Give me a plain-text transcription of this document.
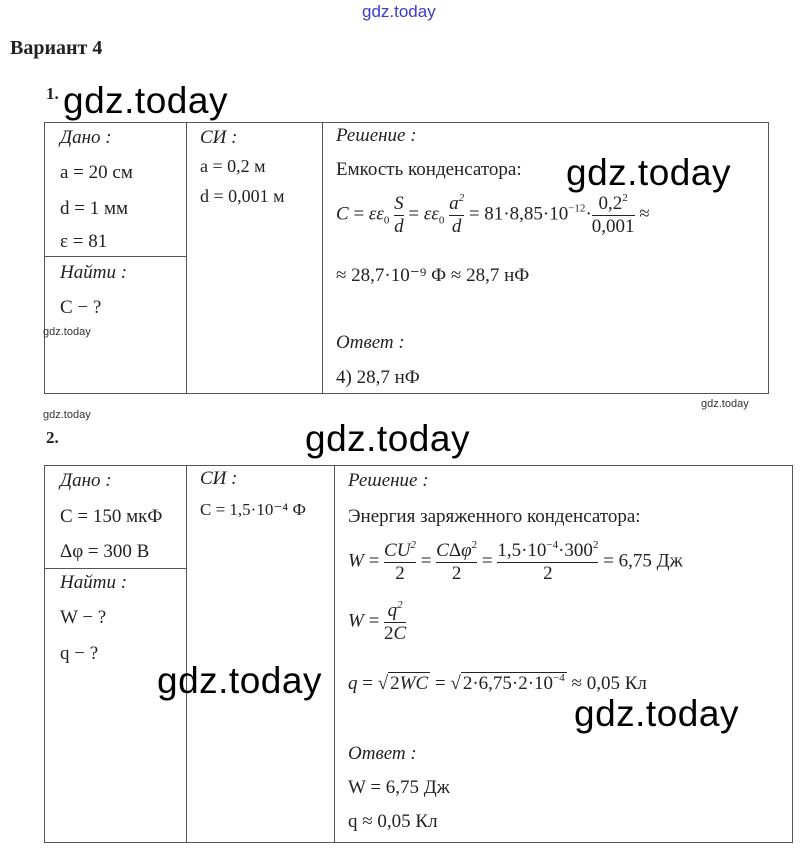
gdz.today
Вариант 4
1. gdz.today
Дано :
a = 20 см
d = 1 мм
ε = 81
Найти :
C − ?
gdz.today
СИ :
a = 0,2 м
d = 0,001 м
Решение :
Емкость конденсатора: gdz.today
$C = \varepsilon\varepsilon_0 \frac{S}{d} = \varepsilon\varepsilon_0 \frac{a^2}{d} = 81\cdot 8,85\cdot 10^{-12}\cdot \frac{0,2^2}{0,001}$ ≈
≈ 28,7·10⁻⁹ Ф ≈ 28,7 нФ
Ответ :
4) 28,7 нФ
gdz.today
gdz.today
2.	gdz.today
Дано :
C = 150 мкФ
Δφ = 300 В
Найти :
W − ?
q − ?
СИ :
C = 1,5·10⁻⁴ Ф
Решение :
Энергия заряженного конденсатора:
$W = \frac{CU^2}{2} = \frac{C\Delta\varphi^2}{2} = \frac{1,5\cdot 10^{-4}\cdot 300^2}{2} = 6,75$ Дж
$W = \frac{q^2}{2C}$
q = √ 2WC = √ $2\cdot 6,75\cdot 2\cdot 10^{-4} \approx 0,05$ Кл
gdz.today
gdz.today
Ответ :
W = 6,75 Дж
q ≈ 0,05 Кл
